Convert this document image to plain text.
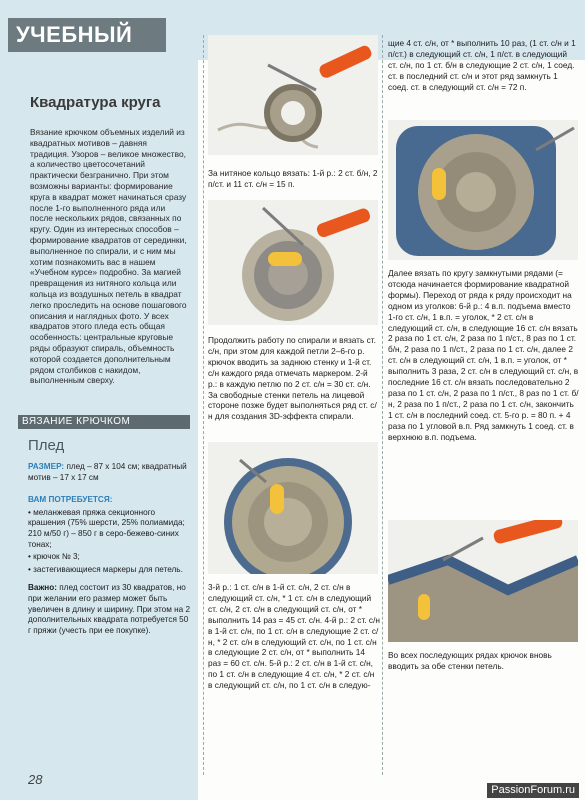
УЧЕБНЫЙ
Квадратура круга

Вязание крючком объемных изделий из квадратных мотивов – давняя традиция. Узоров – великое множество, а количество цветосочетаний практически безгранично. При этом возможны варианты: формирование круга в квадрат может начинаться сразу после 1-го выполненного ряда или после нескольких рядов, связанных по кругу. Один из интересных способов – формирование квадратов от серединки, выполненное по спирали, и с ним мы хотим познакомить вас в нашем «Учебном курсе» подробно. За магией превращения из нитяного кольца или кольца из воздушных петель в квадрат легко проследить на основе пошагового описания и наглядных фото. У всех квадратов этого пледа есть общая особенность: центральные круговые ряды образуют спираль, объемность которой создается дополнительным рядом столбиков с накидом, выполненным сверху.

ВЯЗАНИЕ КРЮЧКОМ
Плед

РАЗМЕР: плед – 87 х 104 см; квадратный мотив – 17 х 17 см

ВАМ ПОТРЕБУЕТСЯ:

• меланжевая пряжа секционного крашения (75% шерсти, 25% полиамида; 210 м/50 г) – 850 г в серо-бежево-синих тонах;
• крючок № 3;
• застегивающиеся маркеры для петель.

Важно: плед состоит из 30 квадратов, но при желании его размер может быть увеличен в длину и ширину. При этом на 2 дополнительных квадрата потребуется 50 г пряжи (учесть при ее покупке).

28
За нитяное кольцо вязать: 1-й р.: 2 ст. б/н, 2 п/ст. и 11 ст. с/н = 15 п.
Продолжить работу по спирали и вязать ст. с/н, при этом для каждой петли 2–6-го р. крючок вводить за заднюю стенку и 1-й ст. с/н каждого ряда отмечать маркером. 2-й р.: в каждую петлю по 2 ст. с/н = 30 ст. с/н. За свободные стенки петель на лицевой стороне позже будет выполняться ряд ст. с/н для создания 3D-эффекта спирали.
3-й р.: 1 ст. с/н в 1-й ст. с/н, 2 ст. с/н в следующий ст. с/н, * 1 ст. с/н в следующий ст. с/н, 2 ст. с/н в следующий ст. с/н, от * выполнить 14 раз = 45 ст. с/н. 4-й р.: 2 ст. с/н в 1-й ст. с/н, по 1 ст. с/н в следующие 2 ст. с/н, * 2 ст. с/н в следующий ст. с/н, по 1 ст. с/н в следующие 2 ст. с/н, от * выполнить 14 раз = 60 ст. с/н. 5-й р.: 2 ст. с/н в 1-й ст. с/н, по 1 ст. с/н в следующие 4 ст. с/н, * 2 ст. с/н в следующий ст. с/н, по 1 ст. с/н в следую-
щие 4 ст. с/н, от * выполнить 10 раз, (1 ст. с/н и 1 п/ст.) в следующий ст. с/н, 1 п/ст. в следующий ст. с/н, по 1 ст. б/н в следующие 2 ст. с/н, 1 соед. ст. в последний ст. с/н и этот ряд замкнуть 1 соед. ст. в следующий ст. с/н = 72 п.
Далее вязать по кругу замкнутыми рядами (= отсюда начинается формирование квадратной формы). Переход от ряда к ряду происходит на одном из уголков: 6-й р.: 4 в.п. подъема вместо 1-го ст. с/н, 1 в.п. = уголок, * 2 ст. с/н в следующий ст. с/н, в следующие 16 ст. с/н вязать 2 раза по 1 ст. с/н, 2 раза по 1 п/ст., 8 раз по 1 ст. б/н, 2 раза по 1 п/ст., 2 раза по 1 ст. с/н, далее 2 ст. с/н в следующий ст. с/н, 1 в.п. = уголок, от * выполнить 3 раза, 2 ст. с/н в следующий ст. с/н, в последние 16 ст. с/н вязать последовательно 2 раза по 1 ст. с/н, 2 раза по 1 п/ст., 8 раз по 1 ст. б/н, 2 раза по 1 п/ст., 2 раза по 1 ст. с/н, закончить 1 ст. с/н в последний соед. ст. 5-го р. = 80 п. + 4 раза по 1 угловой в.п. Ряд замкнуть 1 соед. ст. в верхнюю в.п. подъема.
Во всех последующих рядах крючок вновь вводить за обе стенки петель.
PassionForum.ru
